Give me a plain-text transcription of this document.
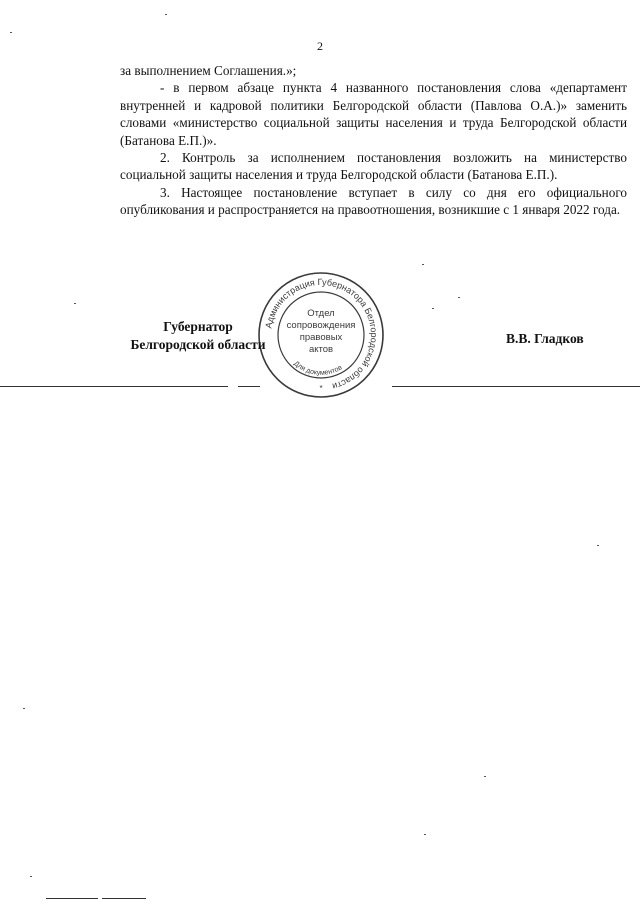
2

за выполнением Соглашения.»;

- в первом абзаце пункта 4 названного постановления слова «департамент внутренней и кадровой политики Белгородской области (Павлова О.А.)» заменить словами «министерство социальной защиты населения и труда Белгородской области (Батанова Е.П.)».

2. Контроль за исполнением постановления возложить на министерство социальной защиты населения и труда Белгородской области (Батанова Е.П.).

3. Настоящее постановление вступает в силу со дня его официального опубликования и распространяется на правоотношения, возникшие с 1 января 2022 года.

Администрация Губернатора Белгородской области
Отдел
сопровождения
правовых
актов
Для документов
*
Губернатор
Белгородской области	В.В. Гладков
